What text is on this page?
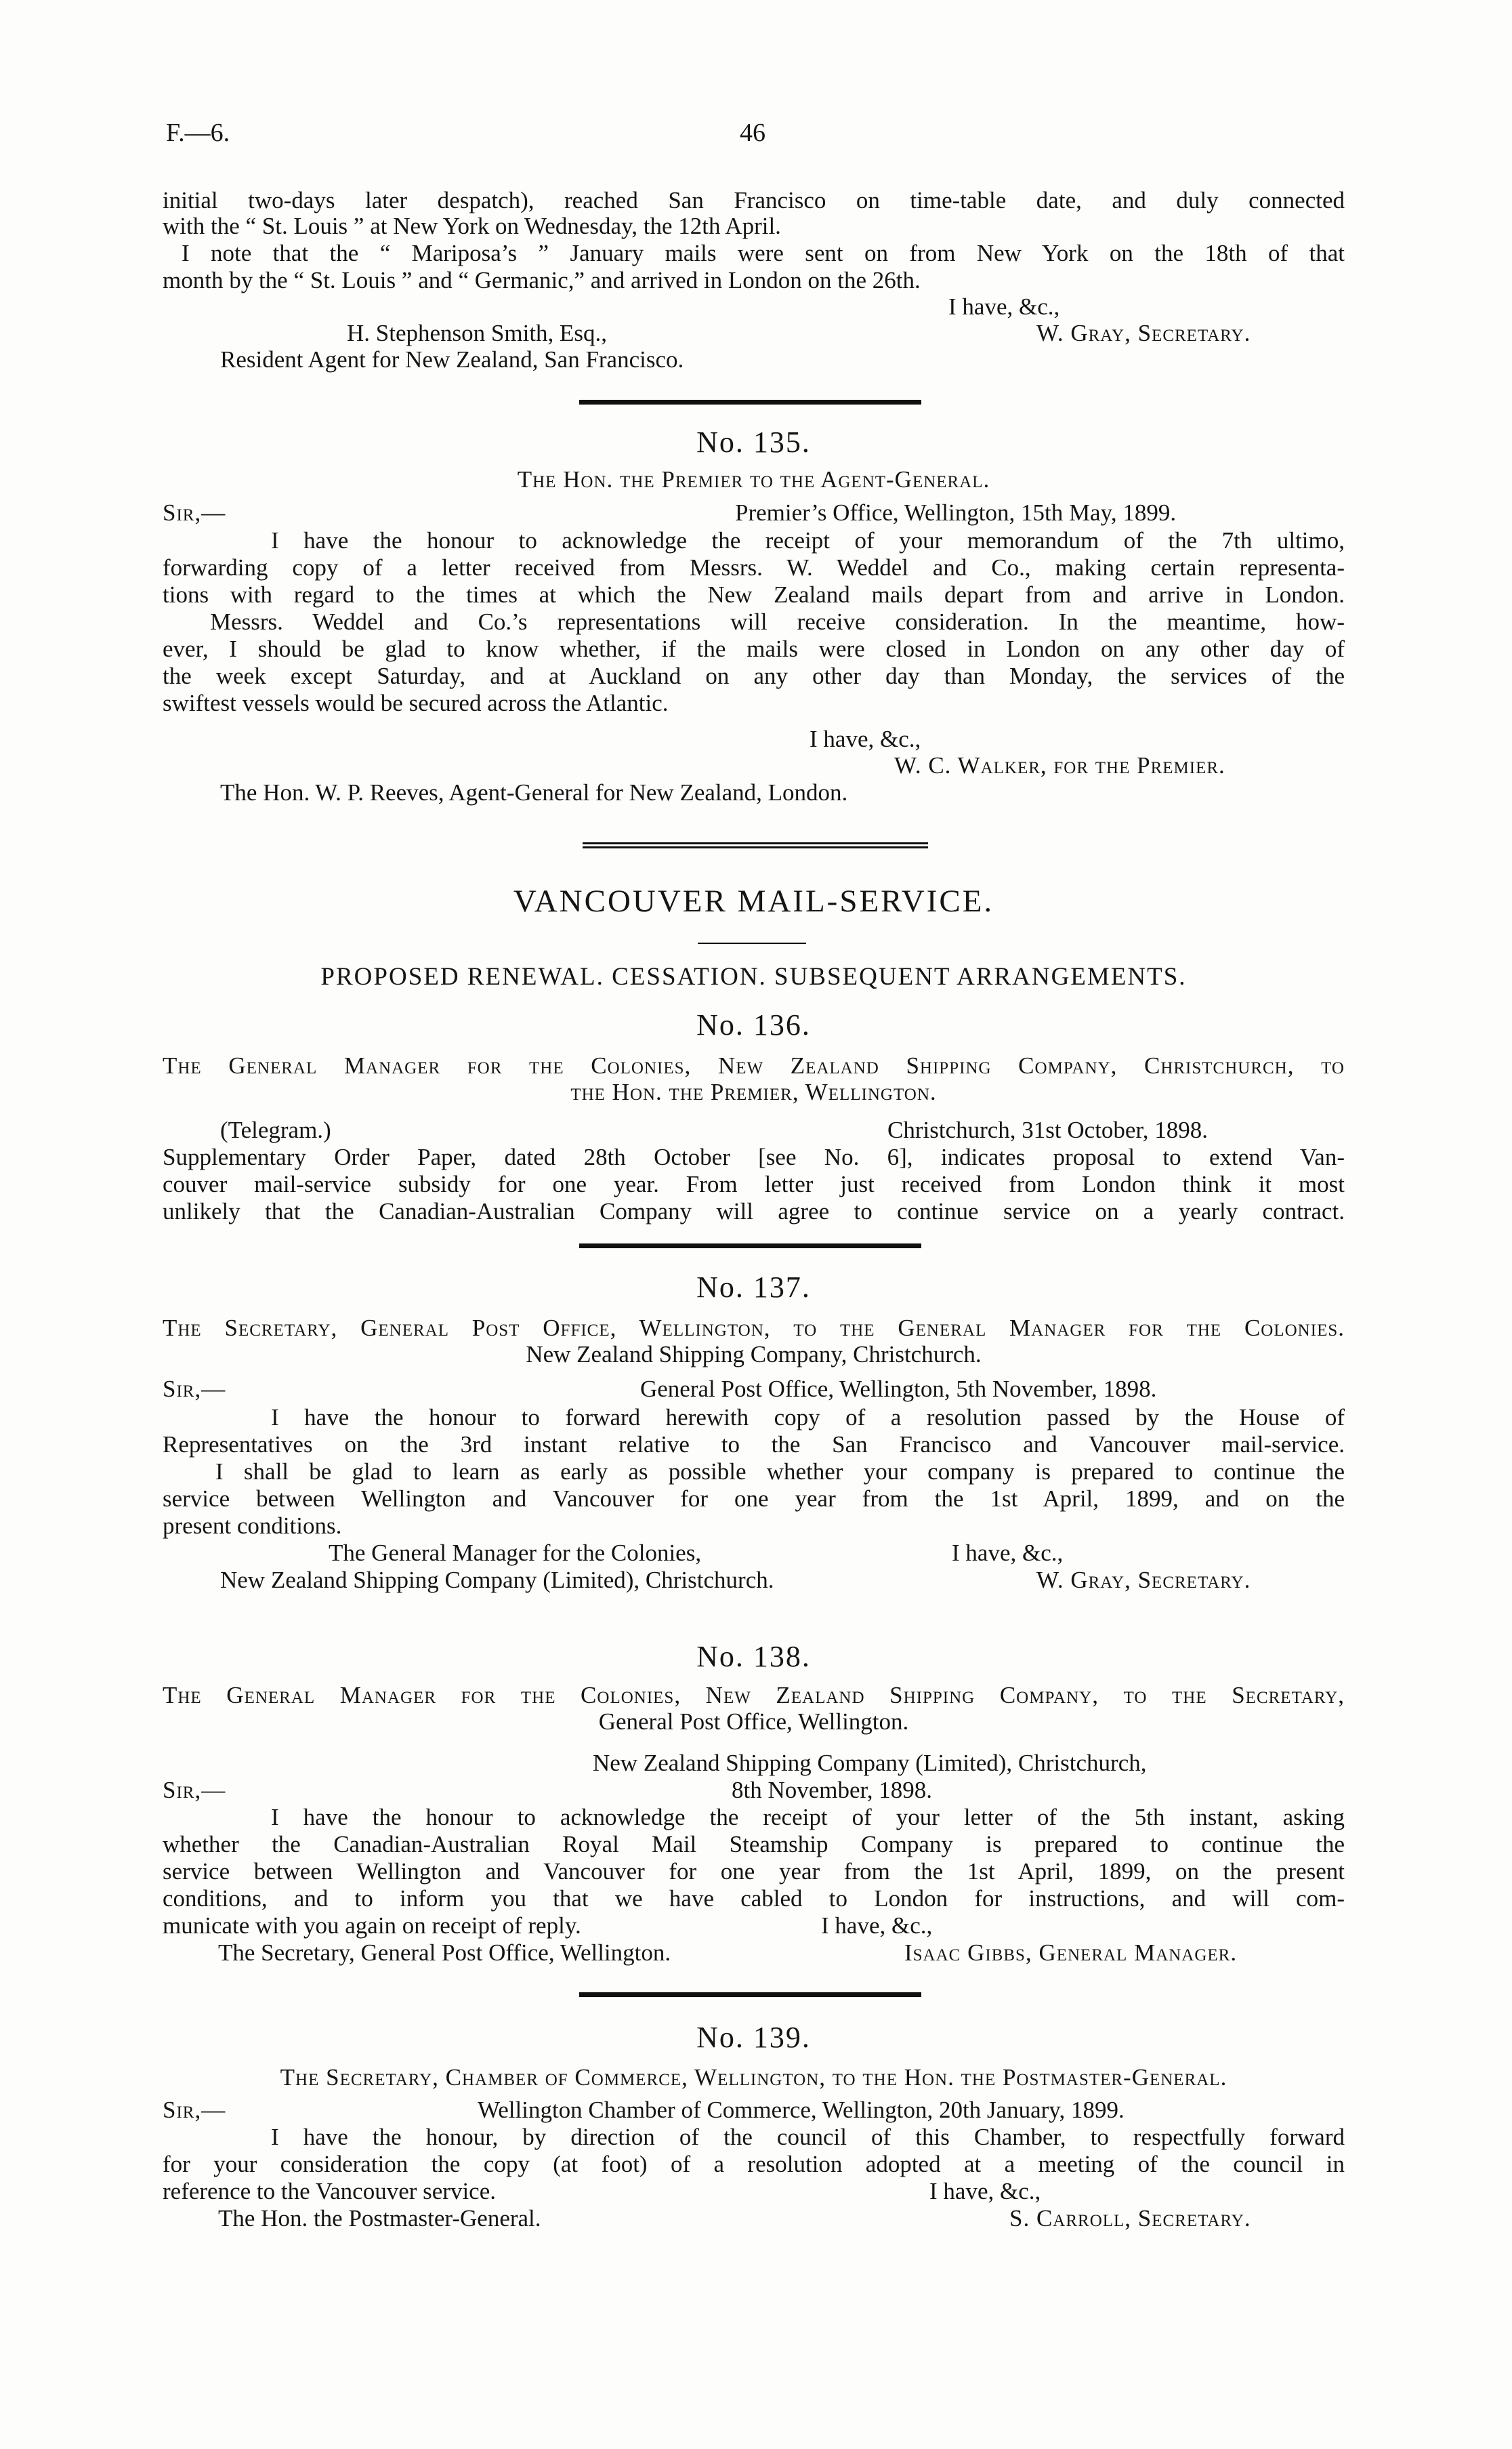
F.—6.	46
initial two-days later despatch), reached San Francisco on time-table date, and duly connected
with the “ St. Louis ” at New York on Wednesday, the 12th April.
I note that the “ Mariposa’s ” January mails were sent on from New York on the 18th of that
month by the “ St. Louis ” and “ Germanic,” and arrived in London on the 26th.
I have, &c.,
H. Stephenson Smith, Esq.,	W. Gray, Secretary.
Resident Agent for New Zealand, San Francisco.
No. 135.
The Hon. the Premier to the Agent-General.
Sir,—	Premier’s Office, Wellington, 15th May, 1899.
I have the honour to acknowledge the receipt of your memorandum of the 7th ultimo,
forwarding copy of a letter received from Messrs. W. Weddel and Co., making certain representa-
tions with regard to the times at which the New Zealand mails depart from and arrive in London.
Messrs. Weddel and Co.’s representations will receive consideration. In the meantime, how-
ever, I should be glad to know whether, if the mails were closed in London on any other day of
the week except Saturday, and at Auckland on any other day than Monday, the services of the
swiftest vessels would be secured across the Atlantic.
I have, &c.,
W. C. Walker, for the Premier.
The Hon. W. P. Reeves, Agent-General for New Zealand, London.
VANCOUVER MAIL-SERVICE.
PROPOSED RENEWAL. CESSATION. SUBSEQUENT ARRANGEMENTS.
No. 136.
The General Manager for the Colonies, New Zealand Shipping Company, Christchurch, to
the Hon. the Premier, Wellington.
(Telegram.)	Christchurch, 31st October, 1898.
Supplementary Order Paper, dated 28th October [see No. 6], indicates proposal to extend Van-
couver mail-service subsidy for one year. From letter just received from London think it most
unlikely that the Canadian-Australian Company will agree to continue service on a yearly contract.
No. 137.
The Secretary, General Post Office, Wellington, to the General Manager for the Colonies.
New Zealand Shipping Company, Christchurch.
Sir,—	General Post Office, Wellington, 5th November, 1898.
I have the honour to forward herewith copy of a resolution passed by the House of
Representatives on the 3rd instant relative to the San Francisco and Vancouver mail-service.
I shall be glad to learn as early as possible whether your company is prepared to continue the
service between Wellington and Vancouver for one year from the 1st April, 1899, and on the
present conditions.
The General Manager for the Colonies,	I have, &c.,
New Zealand Shipping Company (Limited), Christchurch.	W. Gray, Secretary.
No. 138.
The General Manager for the Colonies, New Zealand Shipping Company, to the Secretary,
General Post Office, Wellington.
New Zealand Shipping Company (Limited), Christchurch,
Sir,—	8th November, 1898.
I have the honour to acknowledge the receipt of your letter of the 5th instant, asking
whether the Canadian-Australian Royal Mail Steamship Company is prepared to continue the
service between Wellington and Vancouver for one year from the 1st April, 1899, on the present
conditions, and to inform you that we have cabled to London for instructions, and will com-
municate with you again on receipt of reply.	I have, &c.,
The Secretary, General Post Office, Wellington.	Isaac Gibbs, General Manager.
No. 139.
The Secretary, Chamber of Commerce, Wellington, to the Hon. the Postmaster-General.
Sir,—	Wellington Chamber of Commerce, Wellington, 20th January, 1899.
I have the honour, by direction of the council of this Chamber, to respectfully forward
for your consideration the copy (at foot) of a resolution adopted at a meeting of the council in
reference to the Vancouver service.	I have, &c.,
The Hon. the Postmaster-General.	S. Carroll, Secretary.
